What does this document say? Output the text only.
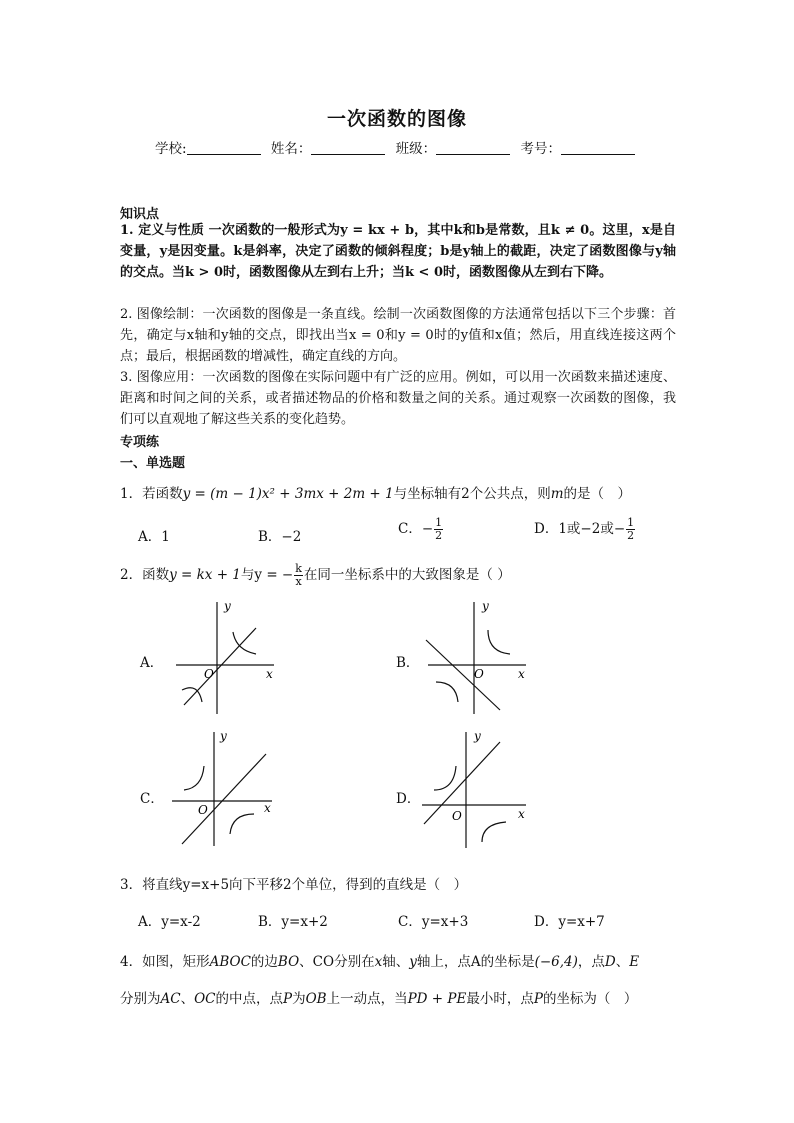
一次函数的图像
学校:	姓名：	班级：	考号：
知识点
1. 定义与性质 一次函数的一般形式为y = kx + b，其中k和b是常数，且k ≠ 0。这里，x是自变量，y是因变量。k是斜率，决定了函数的倾斜程度；b是y轴上的截距，决定了函数图像与y轴的交点。当k > 0时，函数图像从左到右上升；当k < 0时，函数图像从左到右下降。
2. 图像绘制：一次函数的图像是一条直线。绘制一次函数图像的方法通常包括以下三个步骤：首先，确定与x轴和y轴的交点，即找出当x = 0和y = 0时的y值和x值；然后，用直线连接这两个点；最后，根据函数的增减性，确定直线的方向。
3. 图像应用：一次函数的图像在实际问题中有广泛的应用。例如，可以用一次函数来描述速度、距离和时间之间的关系，或者描述物品的价格和数量之间的关系。通过观察一次函数的图像，我们可以直观地了解这些关系的变化趋势。
专项练
一、单选题
1．若函数y = (m − 1)x² + 3mx + 2m + 1与坐标轴有2个公共点，则m的是（　）
A．1	B．−2	C．− $\frac{1}{2}$	D．1或−2或− $\frac{1}{2}$
2．函数y = kx + 1与y = − $\frac{k}{x}$ 在同一坐标系中的大致图象是（ ）
A．	B．
C．	D．
y
x
O
y
x
O
y
x
O
y
x
O
3．将直线y=x+5向下平移2个单位，得到的直线是（　）
A．y=x-2	B．y=x+2	C．y=x+3	D．y=x+7
4．如图，矩形ABOC的边BO、CO分别在x轴、y轴上，点A的坐标是(−6,4)，点D、E
分别为AC、OC的中点，点P为OB上一动点，当PD + PE最小时，点P的坐标为（　）
